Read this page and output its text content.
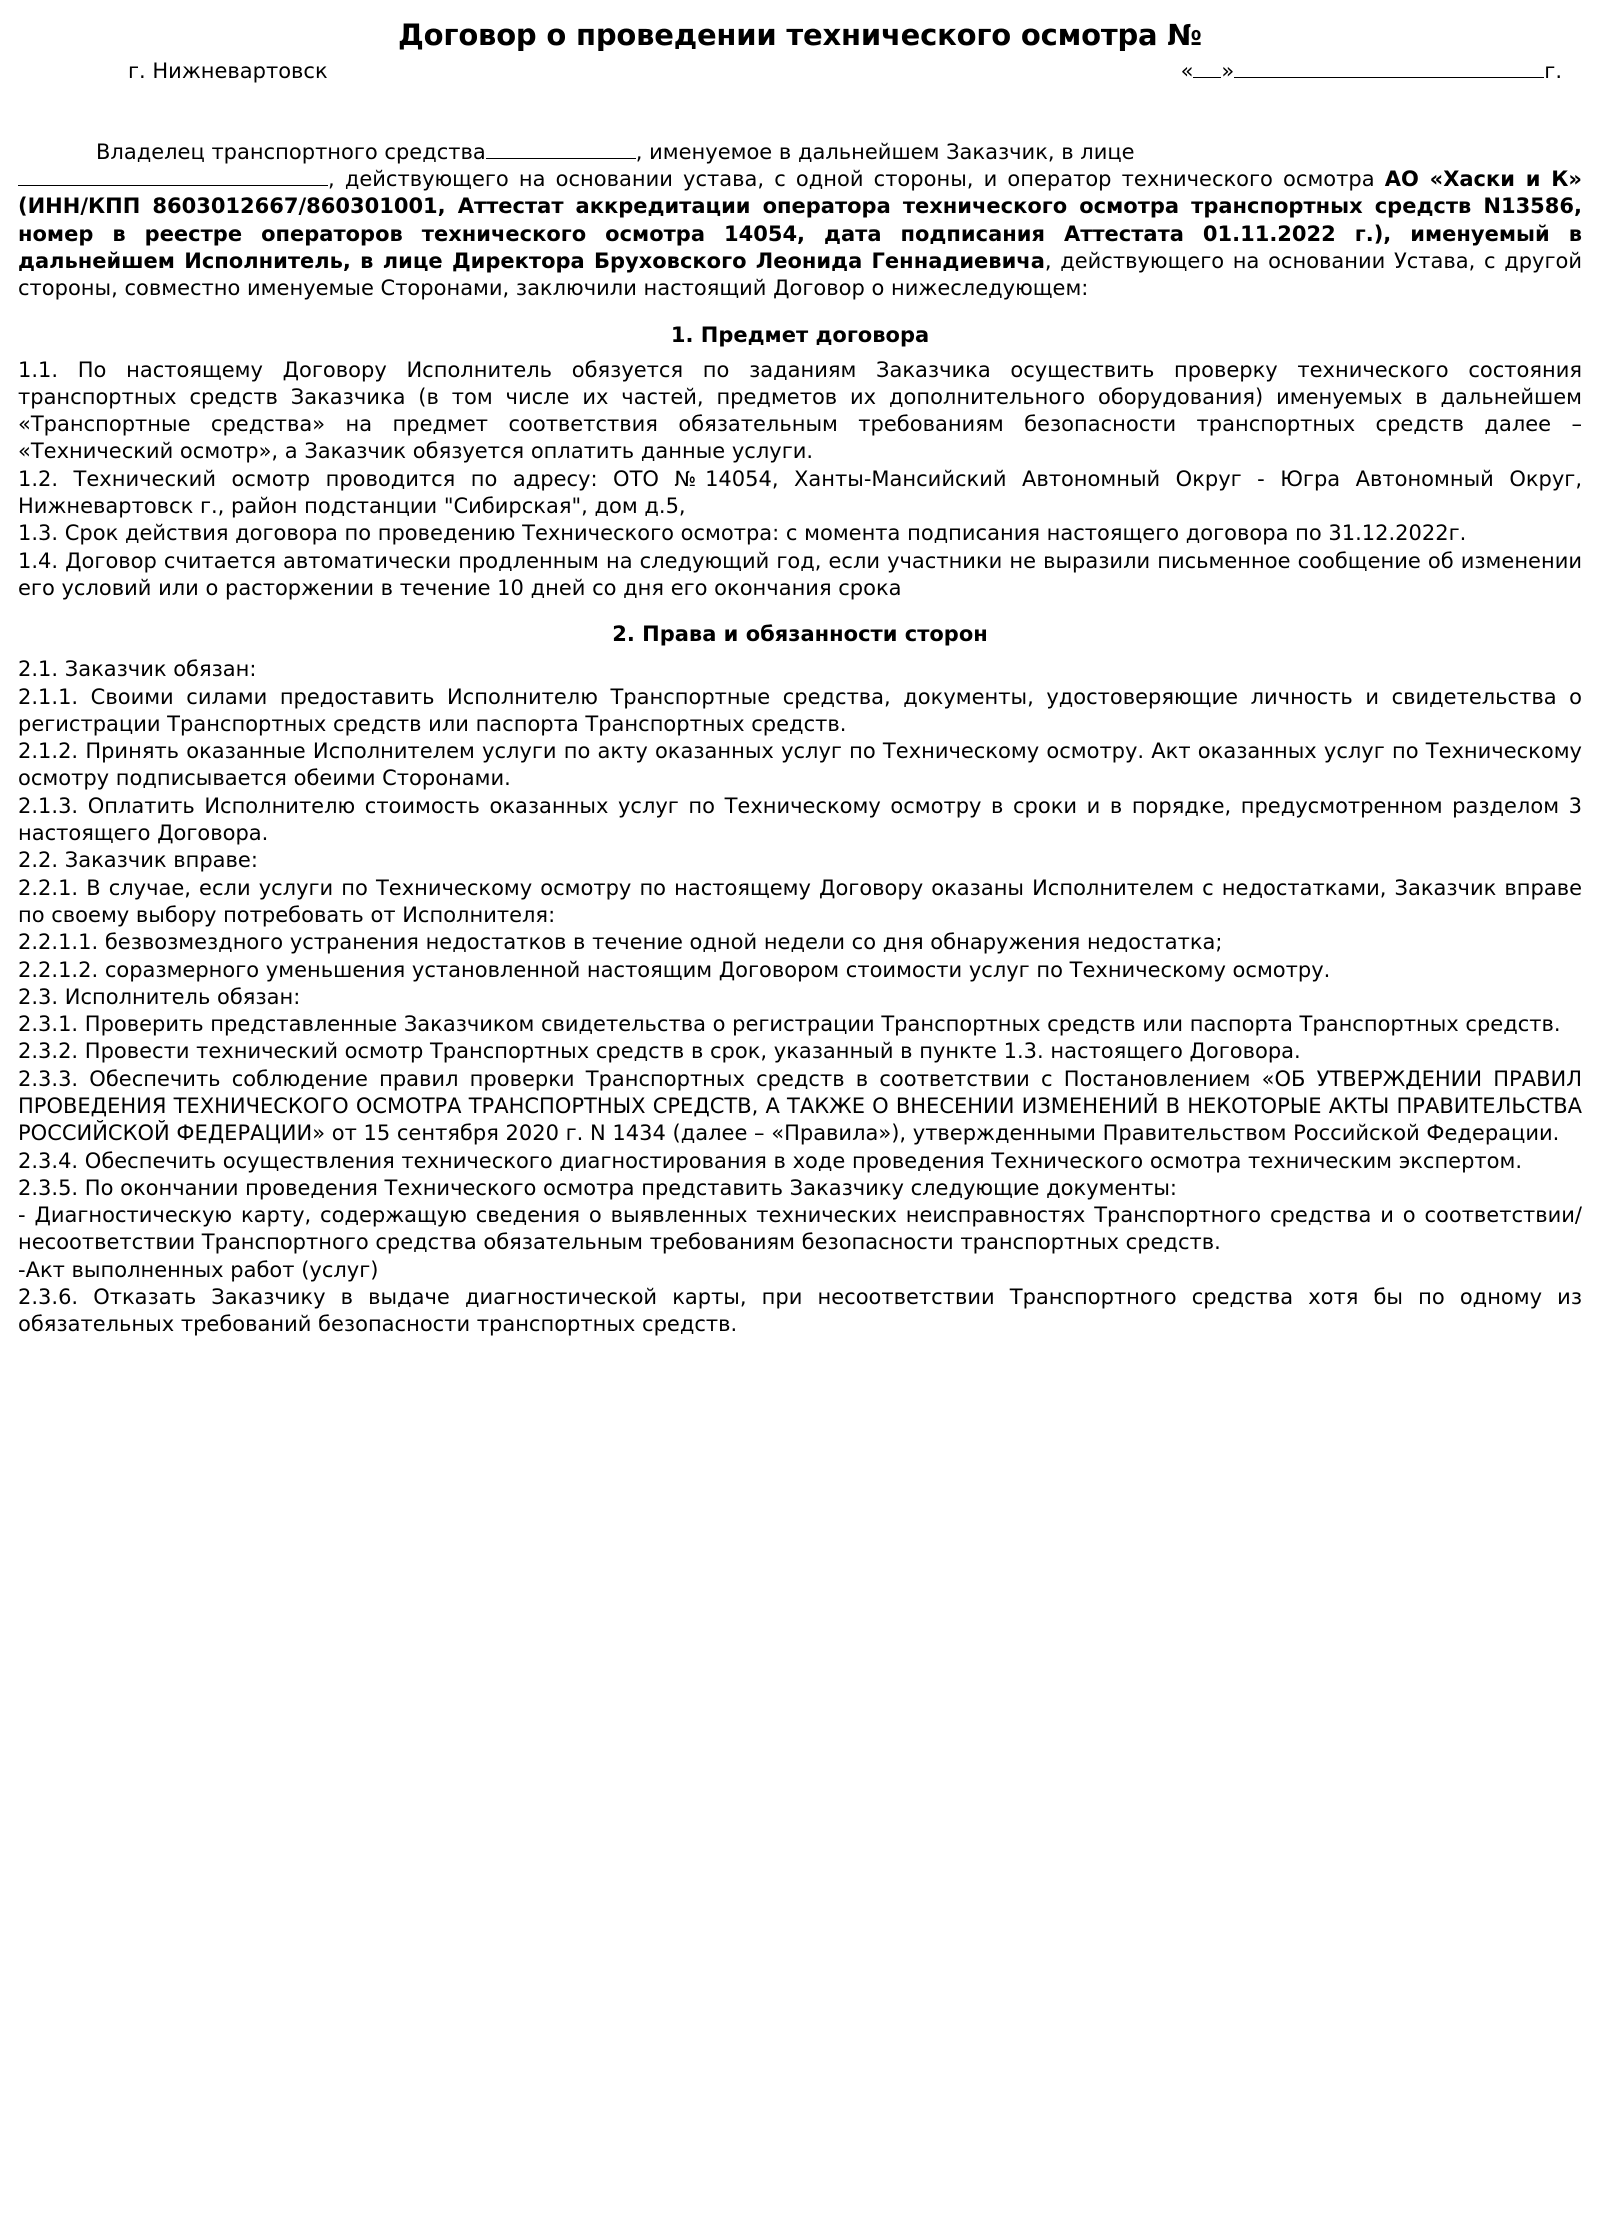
Договор о проведении технического осмотра №
г. Нижневартовск	« »	г.

Владелец транспортного средства	, именуемое в дальнейшем Заказчик, в лице

, действующего на основании устава, с одной стороны, и оператор технического осмотра АО «Хаски и К» (ИНН/КПП 8603012667/860301001, Аттестат аккредитации оператора технического осмотра транспортных средств N13586, номер в реестре операторов технического осмотра 14054, дата подписания Аттестата 01.11.2022 г.), именуемый в дальнейшем Исполнитель, в лице Директора Бруховского Леонида Геннадиевича, действующего на основании Устава, с другой стороны, совместно именуемые Сторонами, заключили настоящий Договор о нижеследующем:

1. Предмет договора

1.1. По настоящему Договору Исполнитель обязуется по заданиям Заказчика осуществить проверку технического состояния транспортных средств Заказчика (в том числе их частей, предметов их дополнительного оборудования) именуемых в дальнейшем «Транспортные средства» на предмет соответствия обязательным требованиям безопасности транспортных средств далее – «Технический осмотр», а Заказчик обязуется оплатить данные услуги.

1.2. Технический осмотр проводится по адресу: ОТО №14054, Ханты-Мансийский Автономный Округ - Югра Автономный Округ, Нижневартовск г., район подстанции "Сибирская", дом д.5,

1.3. Срок действия договора по проведению Технического осмотра: с момента подписания настоящего договора по 31.12.2022г.

1.4. Договор считается автоматически продленным на следующий год, если участники не выразили письменное сообщение об изменении его условий или о расторжении в течение 10 дней со дня его окончания срока

2. Права и обязанности сторон

2.1. Заказчик обязан:

2.1.1. Своими силами предоставить Исполнителю Транспортные средства, документы, удостоверяющие личность и свидетельства о регистрации Транспортных средств или паспорта Транспортных средств.

2.1.2. Принять оказанные Исполнителем услуги по акту оказанных услуг по Техническому осмотру. Акт оказанных услуг по Техническому осмотру подписывается обеими Сторонами.

2.1.3. Оплатить Исполнителю стоимость оказанных услуг по Техническому осмотру в сроки и в порядке, предусмотренном разделом 3 настоящего Договора.

2.2. Заказчик вправе:

2.2.1. В случае, если услуги по Техническому осмотру по настоящему Договору оказаны Исполнителем с недостатками, Заказчик вправе по своему выбору потребовать от Исполнителя:

2.2.1.1. безвозмездного устранения недостатков в течение одной недели со дня обнаружения недостатка;

2.2.1.2. соразмерного уменьшения установленной настоящим Договором стоимости услуг по Техническому осмотру.

2.3. Исполнитель обязан:

2.3.1. Проверить представленные Заказчиком свидетельства о регистрации Транспортных средств или паспорта Транспортных средств.

2.3.2. Провести технический осмотр Транспортных средств в срок, указанный в пункте 1.3. настоящего Договора.

2.3.3. Обеспечить соблюдение правил проверки Транспортных средств в соответствии с Постановлением «ОБ УТВЕРЖДЕНИИ ПРАВИЛ ПРОВЕДЕНИЯ ТЕХНИЧЕСКОГО ОСМОТРА ТРАНСПОРТНЫХ СРЕДСТВ, А ТАКЖЕ О ВНЕСЕНИИ ИЗМЕНЕНИЙ В НЕКОТОРЫЕ АКТЫ ПРАВИТЕЛЬСТВА РОССИЙСКОЙ ФЕДЕРАЦИИ» от 15 сентября 2020 г. N 1434 (далее – «Правила»), утвержденными Правительством Российской Федерации.

2.3.4. Обеспечить осуществления технического диагностирования в ходе проведения Технического осмотра техническим экспертом.

2.3.5. По окончании проведения Технического осмотра представить Заказчику следующие документы:

- Диагностическую карту, содержащую сведения о выявленных технических неисправностях Транспортного средства и о соответствии/несоответствии Транспортного средства обязательным требованиям безопасности транспортных средств.

-Акт выполненных работ (услуг)

2.3.6. Отказать Заказчику в выдаче диагностической карты, при несоответствии Транспортного средства хотя бы по одному из обязательных требований безопасности транспортных средств.
